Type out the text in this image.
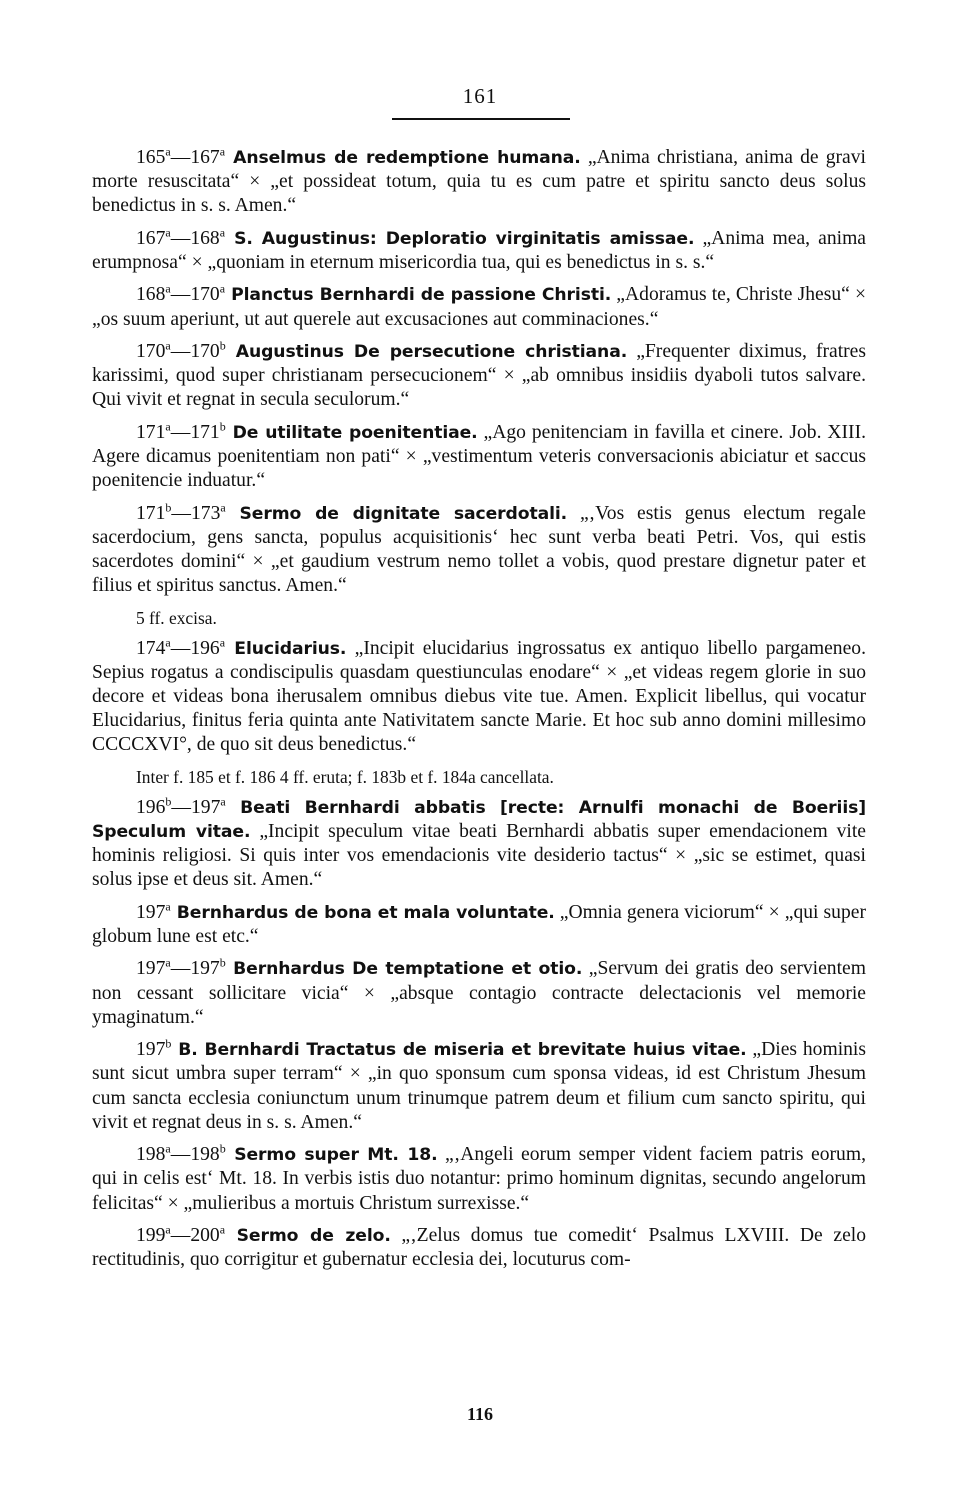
161

165$^a$—167$^a$ Anselmus de redemptione humana. „Anima christiana, anima de gravi morte resuscitata“ × „et possideat totum, quia tu es cum patre et spiritu sancto deus solus benedictus in s. s. Amen.“

167$^a$—168$^a$ S. Augustinus: Deploratio virginitatis amissae. „Anima mea, anima erumpnosa“ × „quoniam in eternum misericordia tua, qui es benedictus in s. s.“

168$^a$—170$^a$ Planctus Bernhardi de passione Christi. „Adoramus te, Christe Jhesu“ × „os suum aperiunt, ut aut querele aut excusaciones aut comminaciones.“

170$^a$—170$^b$ Augustinus De persecutione christiana. „Frequenter diximus, fratres karissimi, quod super christianam persecucionem“ × „ab omnibus insidiis dyaboli tutos salvare. Qui vivit et regnat in secula seculorum.“

171$^a$—171$^b$ De utilitate poenitentiae. „Ago penitenciam in favilla et cinere. Job. XIII. Agere dicamus poenitentiam non pati“ × „vestimentum veteris conversacionis abiciatur et saccus poenitencie induatur.“

171$^b$—173$^a$ Sermo de dignitate sacerdotali. „‚Vos estis genus electum regale sacerdocium, gens sancta, populus acquisitionis‘ hec sunt verba beati Petri. Vos, qui estis sacerdotes domini“ × „et gaudium vestrum nemo tollet a vobis, quod prestare dignetur pater et filius et spiritus sanctus. Amen.“

5 ff. excisa.

174$^a$—196$^a$ Elucidarius. „Incipit elucidarius ingrossatus ex antiquo libello pargameneo. Sepius rogatus a condiscipulis quasdam questiunculas enodare“ × „et videas regem glorie in suo decore et videas bona iherusalem omnibus diebus vite tue. Amen. Explicit libellus, qui vocatur Elucidarius, finitus feria quinta ante Nativitatem sancte Marie. Et hoc sub anno domini millesimo CCCCXVI°, de quo sit deus benedictus.“

Inter f. 185 et f. 186 4 ff. eruta; f. 183b et f. 184a cancellata.

196$^b$—197$^a$ Beati Bernhardi abbatis [recte: Arnulfi monachi de Boeriis] Speculum vitae. „Incipit speculum vitae beati Bernhardi abbatis super emendacionem vite hominis religiosi. Si quis inter vos emendacionis vite desiderio tactus“ × „sic se estimet, quasi solus ipse et deus sit. Amen.“

197$^a$ Bernhardus de bona et mala voluntate. „Omnia genera viciorum“ × „qui super globum lune est etc.“

197$^a$—197$^b$ Bernhardus De temptatione et otio. „Servum dei gratis deo servientem non cessant sollicitare vicia“ × „absque contagio contracte delectacionis vel memorie ymaginatum.“

197$^b$ B. Bernhardi Tractatus de miseria et brevitate huius vitae. „Dies hominis sunt sicut umbra super terram“ × „in quo sponsum cum sponsa videas, id est Christum Jhesum cum sancta ecclesia coniunctum unum trinumque patrem deum et filium cum sancto spiritu, qui vivit et regnat deus in s. s. Amen.“

198$^a$—198$^b$ Sermo super Mt. 18. „‚Angeli eorum semper vident faciem patris eorum, qui in celis est‘ Mt. 18. In verbis istis duo notantur: primo hominum dignitas, secundo angelorum felicitas“ × „mulieribus a mortuis Christum surrexisse.“

199$^a$—200$^a$ Sermo de zelo. „‚Zelus domus tue comedit‘ Psalmus LXVIII. De zelo rectitudinis, quo corrigitur et gubernatur ecclesia dei, locuturus com-

116
